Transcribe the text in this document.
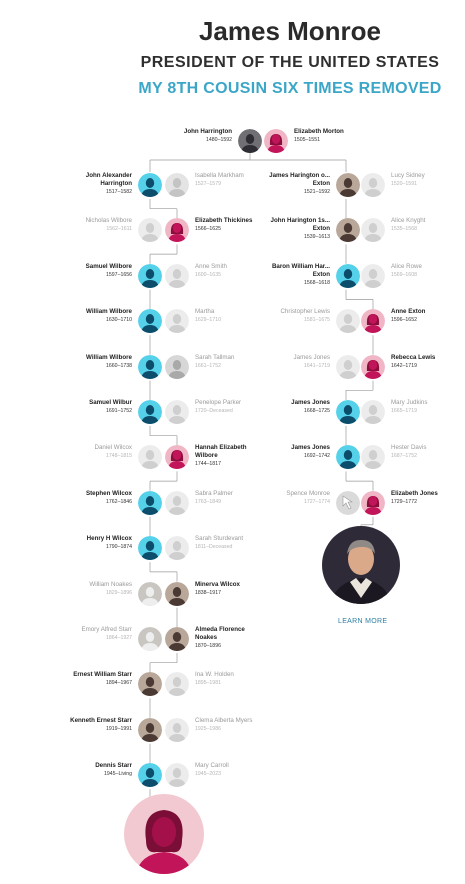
James Monroe
PRESIDENT OF THE UNITED STATES
MY 8TH COUSIN SIX TIMES REMOVED
John Harrington
1480–1592
Elizabeth Morton
1505–1551
LEARN MORE
John Alexander Harrington
1517–1582
Isabella Markham
1527–1579
Nicholas Wilbore
1562–1611
Elizabeth Thickines
1566–1625
Samuel Wilbore
1597–1656
Anne Smith
1600–1635
William Wilbore
1630–1710
Martha
1629–1710
William Wilbore
1660–1738
Sarah Tallman
1661–1752
Samuel Wilbur
1691–1752
Penelope Parker
1720–Deceased
Daniel Wilcox
1748–1815
Hannah Elizabeth Wilbore
1744–1817
Stephen Wilcox
1762–1846
Sabra Palmer
1763–1849
Henry H Wilcox
1790–1874
Sarah Sturdevant
1811–Deceased
William Noakes
1829–1896
Minerva Wilcox
1838–1917
Emory Alfred Starr
1864–1927
Almeda Florence Noakes
1870–1896
Ernest William Starr
1894–1967
Ina W. Holden
1895–1981
Kenneth Ernest Starr
1919–1991
Clema Alberta Myers
1925–1986
Dennis Starr
1945–Living
Mary Carroll
1945–2023
James Harington o... Exton
1521–1592
Lucy Sidney
1520–1591
John Harington 1s... Exton
1539–1613
Alice Knyght
1535–1568
Baron William Har... Exton
1568–1618
Alice Rowe
1569–1608
Christopher Lewis
1581–1675
Anne Exton
1596–1652
James Jones
1641–1719
Rebecca Lewis
1642–1719
James Jones
1668–1725
Mary Judkins
1665–1719
James Jones
1692–1742
Hester Davis
1687–1752
Spence Monroe
1727–1774
Elizabeth Jones
1729–1772
